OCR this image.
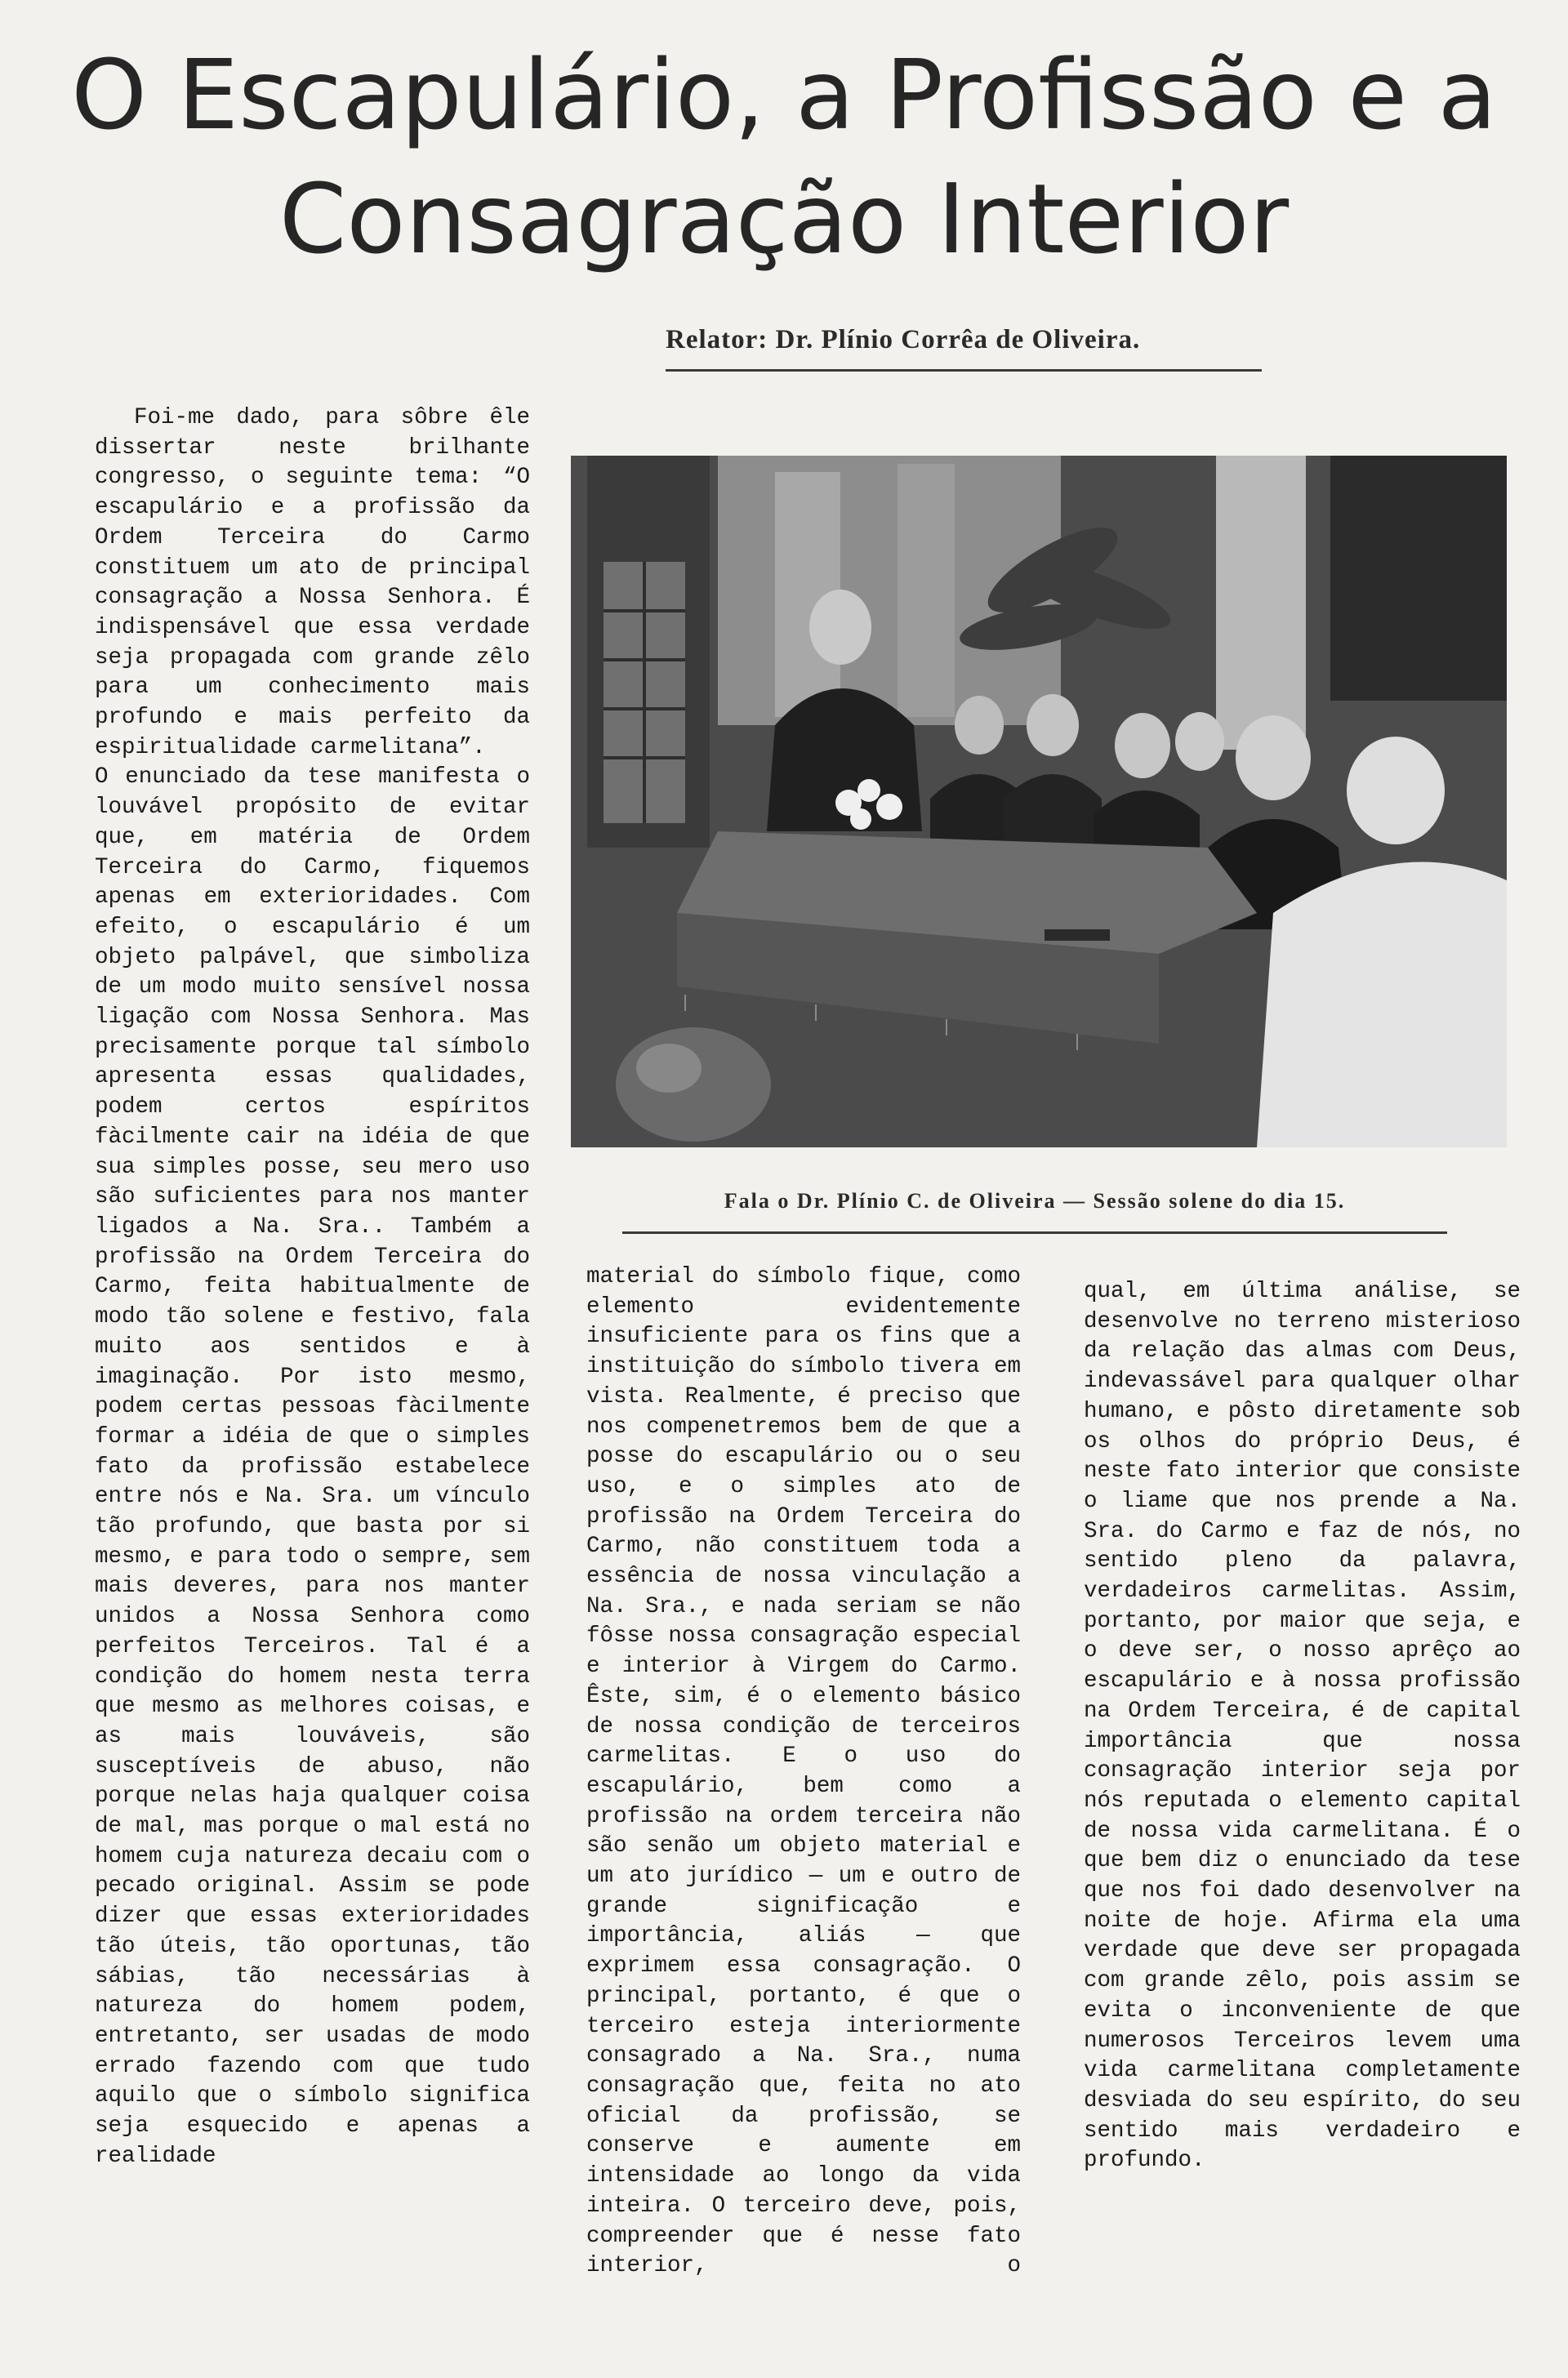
O Escapulário, a Profissão e a
Consagração Interior
Relator: Dr. Plínio Corrêa de Oliveira.

Foi-me dado, para sôbre êle dissertar neste brilhante congresso, o seguinte tema: “O escapulário e a profissão da Ordem Terceira do Carmo constituem um ato de principal consagração a Nossa Senhora. É indispensável que essa verdade seja propagada com grande zêlo para um conhecimento mais profundo e mais perfeito da espiritualidade carmelitana”.

O enunciado da tese manifesta o louvável propósito de evitar que, em matéria de Ordem Terceira do Carmo, fiquemos apenas em exterioridades. Com efeito, o escapulário é um objeto palpável, que simboliza de um modo muito sensível nossa ligação com Nossa Senhora. Mas precisamente porque tal símbolo apresenta essas qualidades, podem certos espíritos fàcilmente cair na idéia de que sua simples posse, seu mero uso são suficientes para nos manter ligados a Na. Sra.. Também a profissão na Ordem Terceira do Carmo, feita habitualmente de modo tão solene e festivo, fala muito aos sentidos e à imaginação. Por isto mesmo, podem certas pessoas fàcilmente formar a idéia de que o simples fato da profissão estabelece entre nós e Na. Sra. um vínculo tão profundo, que basta por si mesmo, e para todo o sempre, sem mais deveres, para nos manter unidos a Nossa Senhora como perfeitos Terceiros. Tal é a condição do homem nesta terra que mesmo as melhores coisas, e as mais louváveis, são susceptíveis de abuso, não porque nelas haja qualquer coisa de mal, mas porque o mal está no homem cuja natureza decaiu com o pecado original. Assim se pode dizer que essas exterioridades tão úteis, tão oportunas, tão sábias, tão necessárias à natureza do homem podem, entretanto, ser usadas de modo errado fazendo com que tudo aquilo que o símbolo significa seja esquecido e apenas a realidade

Fala o Dr. Plínio C. de Oliveira — Sessão solene do dia 15.

material do símbolo fique, como elemento evidentemente insuficiente para os fins que a instituição do símbolo tivera em vista. Realmente, é preciso que nos compenetremos bem de que a posse do escapulário ou o seu uso, e o simples ato de profissão na Ordem Terceira do Carmo, não constituem toda a essência de nossa vinculação a Na. Sra., e nada seriam se não fôsse nossa consagração especial e interior à Virgem do Carmo. Êste, sim, é o elemento básico de nossa condição de terceiros carmelitas. E o uso do escapulário, bem como a profissão na ordem terceira não são senão um objeto material e um ato jurídico — um e outro de grande significação e importância, aliás — que exprimem essa consagração. O principal, portanto, é que o terceiro esteja interiormente consagrado a Na. Sra., numa consagração que, feita no ato oficial da profissão, se conserve e aumente em intensidade ao longo da vida inteira. O terceiro deve, pois, compreender que é nesse fato interior, o

qual, em última análise, se desenvolve no terreno misterioso da relação das almas com Deus, indevassável para qualquer olhar humano, e pôsto diretamente sob os olhos do próprio Deus, é neste fato interior que consiste o liame que nos prende a Na. Sra. do Carmo e faz de nós, no sentido pleno da palavra, verdadeiros carmelitas. Assim, portanto, por maior que seja, e o deve ser, o nosso aprêço ao escapulário e à nossa profissão na Ordem Terceira, é de capital importância que nossa consagração interior seja por nós reputada o elemento capital de nossa vida carmelitana. É o que bem diz o enunciado da tese que nos foi dado desenvolver na noite de hoje. Afirma ela uma verdade que deve ser propagada com grande zêlo, pois assim se evita o inconveniente de que numerosos Terceiros levem uma vida carmelitana completamente desviada do seu espírito, do seu sentido mais verdadeiro e profundo.
